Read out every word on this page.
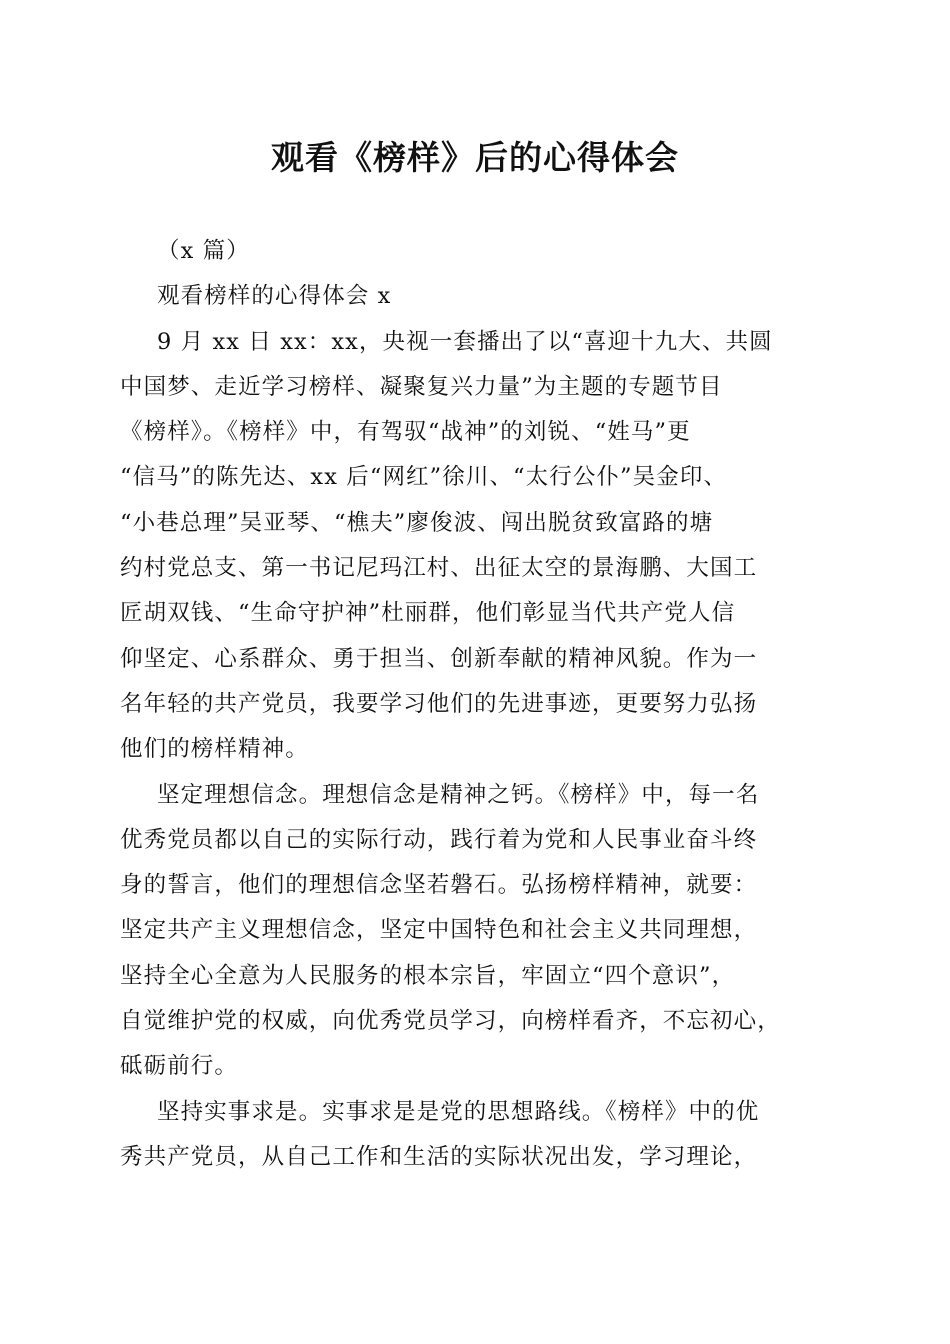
观看《榜样》后的心得体会
（x 篇）
观看榜样的心得体会 x
9 月 xx 日 xx：xx，央视一套播出了以“喜迎十九大、共圆
中国梦、走近学习榜样、凝聚复兴力量”为主题的专题节目
《榜样》。《榜样》中，有驾驭“战神”的刘锐、“姓马”更
“信马”的陈先达、xx 后“网红”徐川、“太行公仆”吴金印、
“小巷总理”吴亚琴、“樵夫”廖俊波、闯出脱贫致富路的塘
约村党总支、第一书记尼玛江村、出征太空的景海鹏、大国工
匠胡双钱、“生命守护神”杜丽群，他们彰显当代共产党人信
仰坚定、心系群众、勇于担当、创新奉献的精神风貌。作为一
名年轻的共产党员，我要学习他们的先进事迹，更要努力弘扬
他们的榜样精神。
坚定理想信念。理想信念是精神之钙。《榜样》中，每一名
优秀党员都以自己的实际行动，践行着为党和人民事业奋斗终
身的誓言，他们的理想信念坚若磐石。弘扬榜样精神，就要：
坚定共产主义理想信念，坚定中国特色和社会主义共同理想，
坚持全心全意为人民服务的根本宗旨，牢固立“四个意识”，
自觉维护党的权威，向优秀党员学习，向榜样看齐，不忘初心，
砥砺前行。
坚持实事求是。实事求是是党的思想路线。《榜样》中的优
秀共产党员，从自己工作和生活的实际状况出发，学习理论，
